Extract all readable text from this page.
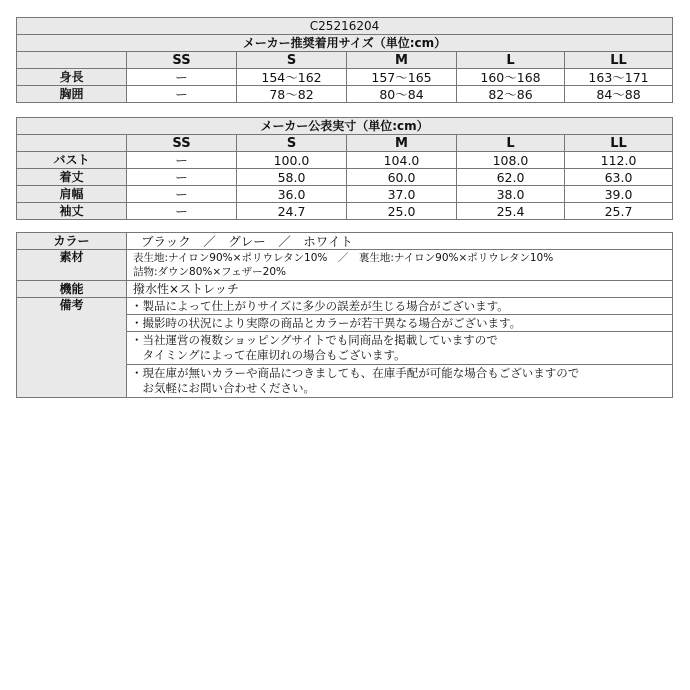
C25216204					
メーカー推奨着用サイズ（単位:cm）					
	SS	S	M	L	LL
身長	ー	154〜162	157〜165	160〜168	163〜171
胸囲	ー	78〜82	80〜84	82〜86	84〜88
メーカー公表実寸（単位:cm）					
	SS	S	M	L	LL
バスト	ー	100.0	104.0	108.0	112.0
着丈	ー	58.0	60.0	62.0	63.0
肩幅	ー	36.0	37.0	38.0	39.0
袖丈	ー	24.7	25.0	25.4	25.7
カラー	ブラック　／　グレー　／　ホワイト
素材	表生地:ナイロン90%×ポリウレタン10%　／　裏生地:ナイロン90%×ポリウレタン10%
詰物:ダウン80%×フェザー20%

機能	撥水性×ストレッチ
備考	・製品によって仕上がりサイズに多少の誤差が生じる場合がございます。
	・撮影時の状況により実際の商品とカラーが若干異なる場合がございます。

	・当社運営の複数ショッピングサイトでも同商品を掲載していますので
　タイミングによって在庫切れの場合もございます。

	・現在庫が無いカラーや商品につきましても、在庫手配が可能な場合もございますので
　お気軽にお問い合わせください。
